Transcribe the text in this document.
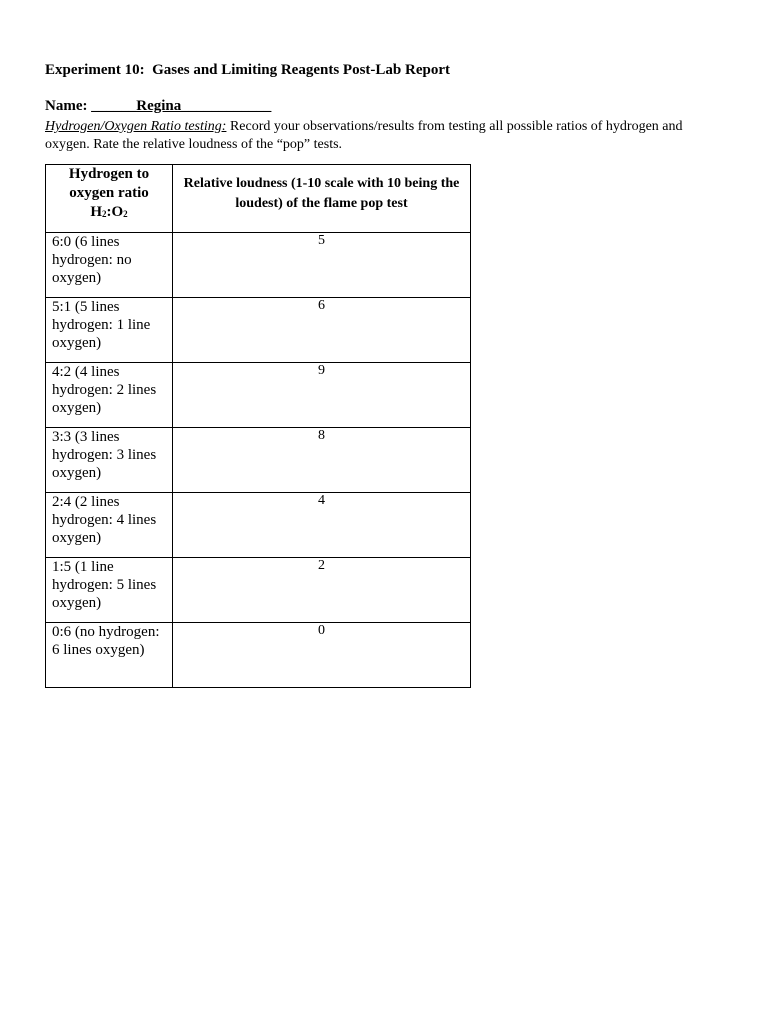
Experiment 10:  Gases and Limiting Reagents Post-Lab Report
Name: ______Regina____________
Hydrogen/Oxygen Ratio testing: Record your observations/results from testing all possible ratios of hydrogen and oxygen. Rate the relative loudness of the “pop” tests.
Hydrogen to oxygen ratio
$H_2:O_2$	Relative loudness (1-10 scale with 10 being the loudest) of the flame pop test
6:0 (6 lines hydrogen: no oxygen)	5
5:1 (5 lines hydrogen: 1 line oxygen)	6
4:2 (4 lines hydrogen: 2 lines oxygen)	9
3:3 (3 lines hydrogen: 3 lines oxygen)	8
2:4 (2 lines hydrogen: 4 lines oxygen)	4
1:5 (1 line hydrogen: 5 lines oxygen)	2
0:6 (no hydrogen: 6 lines oxygen)	0
